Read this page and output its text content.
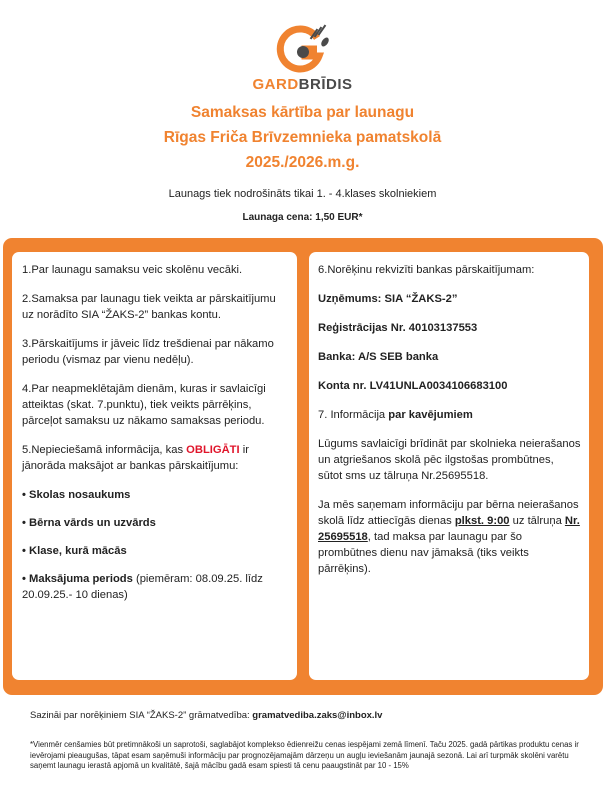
GARDBRĪDIS
Samaksas kārtība par launagu
Rīgas Friča Brīvzemnieka pamatskolā
2025./2026.m.g.
Launags tiek nodrošināts tikai 1. - 4.klases skolniekiem
Launaga cena: 1,50 EUR*

1.Par launagu samaksu veic skolēnu vecāki.

2.Samaksa par launagu tiek veikta ar pārskaitījumu uz norādīto SIA “ŽAKS-2” bankas kontu.

3.Pārskaitījums ir jāveic līdz trešdienai par nākamo periodu (vismaz par vienu nedēļu).

4.Par neapmeklētajām dienām, kuras ir savlaicīgi atteiktas (skat. 7.punktu), tiek veikts pārrēķins, pārceļot samaksu uz nākamo samaksas periodu.

5.Nepieciešamā informācija, kas OBLIGĀTI ir jānorāda maksājot ar bankas pārskaitījumu:

• Skolas nosaukums
• Bērna vārds un uzvārds
• Klase, kurā mācās
• Maksājuma periods (piemēram: 08.09.25. līdz 20.09.25.- 10 dienas)

6.Norēķinu rekvizīti bankas pārskaitījumam:

Uzņēmums: SIA “ŽAKS-2”

Reģistrācijas Nr. 40103137553

Banka: A/S SEB banka

Konta nr. LV41UNLA0034106683100

7. Informācija par kavējumiem

Lūgums savlaicīgi brīdināt par skolnieka neierašanos un atgriešanos skolā pēc ilgstošas prombūtnes, sūtot sms uz tālruņa Nr.25695518.

Ja mēs saņemam informāciju par bērna neierašanos skolā līdz attiecīgās dienas plkst. 9:00 uz tālruņa Nr. 25695518, tad maksa par launagu par šo prombūtnes dienu nav jāmaksā (tiks veikts pārrēķins).

Sazināi par norēķiniem SIA “ŽAKS-2” grāmatvedība: gramatvediba.zaks@inbox.lv
*Vienmēr cenšamies būt pretimnākoši un saprotoši, saglabājot komplekso ēdienreižu cenas iespējami zemā līmenī. Taču 2025. gadā pārtikas produktu cenas ir ievērojami pieaugušas, tāpat esam saņēmuši informāciju par prognozējamajām dārzeņu un augļu ieviešanām jaunajā sezonā. Lai arī turpmāk skolēni varētu saņemt launagu ierastā apjomā un kvalitātē, šajā mācību gadā esam spiesti tā cenu paaugstināt par 10 - 15%
